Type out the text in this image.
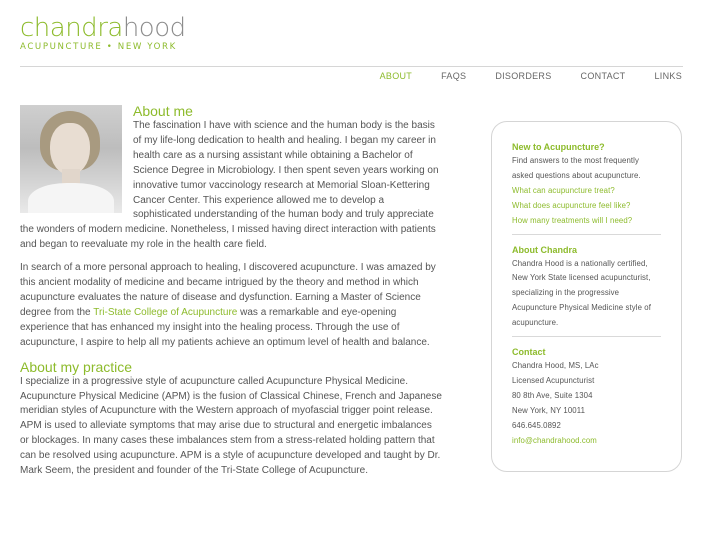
chandrahood
ACUPUNCTURE • NEW YORK
ABOUT	FAQS	DISORDERS	CONTACT	LINKS
About me

The fascination I have with science and the human body is the basis of my life-long dedication to health and healing. I began my career in health care as a nursing assistant while obtaining a Bachelor of Science Degree in Microbiology. I then spent seven years working on innovative tumor vaccinology research at Memorial Sloan-Kettering Cancer Center. This experience allowed me to develop a sophisticated understanding of the human body and truly appreciate the wonders of modern medicine. Nonetheless, I missed having direct interaction with patients and began to reevaluate my role in the health care field.

In search of a more personal approach to healing, I discovered acupuncture. I was amazed by this ancient modality of medicine and became intrigued by the theory and method in which acupuncture evaluates the nature of disease and dysfunction. Earning a Master of Science degree from the Tri-State College of Acupuncture was a remarkable and eye-opening experience that has enhanced my insight into the healing process. Through the use of acupuncture, I aspire to help all my patients achieve an optimum level of health and balance.

About my practice

I specialize in a progressive style of acupuncture called Acupuncture Physical Medicine. Acupuncture Physical Medicine (APM) is the fusion of Classical Chinese, French and Japanese meridian styles of Acupuncture with the Western approach of myofascial trigger point release. APM is used to alleviate symptoms that may arise due to structural and energetic imbalances or blockages. In many cases these imbalances stem from a stress-related holding pattern that can be resolved using acupuncture. APM is a style of acupuncture developed and taught by Dr. Mark Seem, the president and founder of the Tri-State College of Acupuncture.

New to Acupuncture?
Find answers to the most frequently asked questions about acupuncture.
What can acupuncture treat?
What does acupuncture feel like?
How many treatments will I need?
About Chandra
Chandra Hood is a nationally certified, New York State licensed acupuncturist, specializing in the progressive Acupuncture Physical Medicine style of acupuncture.
Contact
Chandra Hood, MS, LAc
Licensed Acupuncturist
80 8th Ave, Suite 1304
New York, NY 10011
646.645.0892
info@chandrahood.com
